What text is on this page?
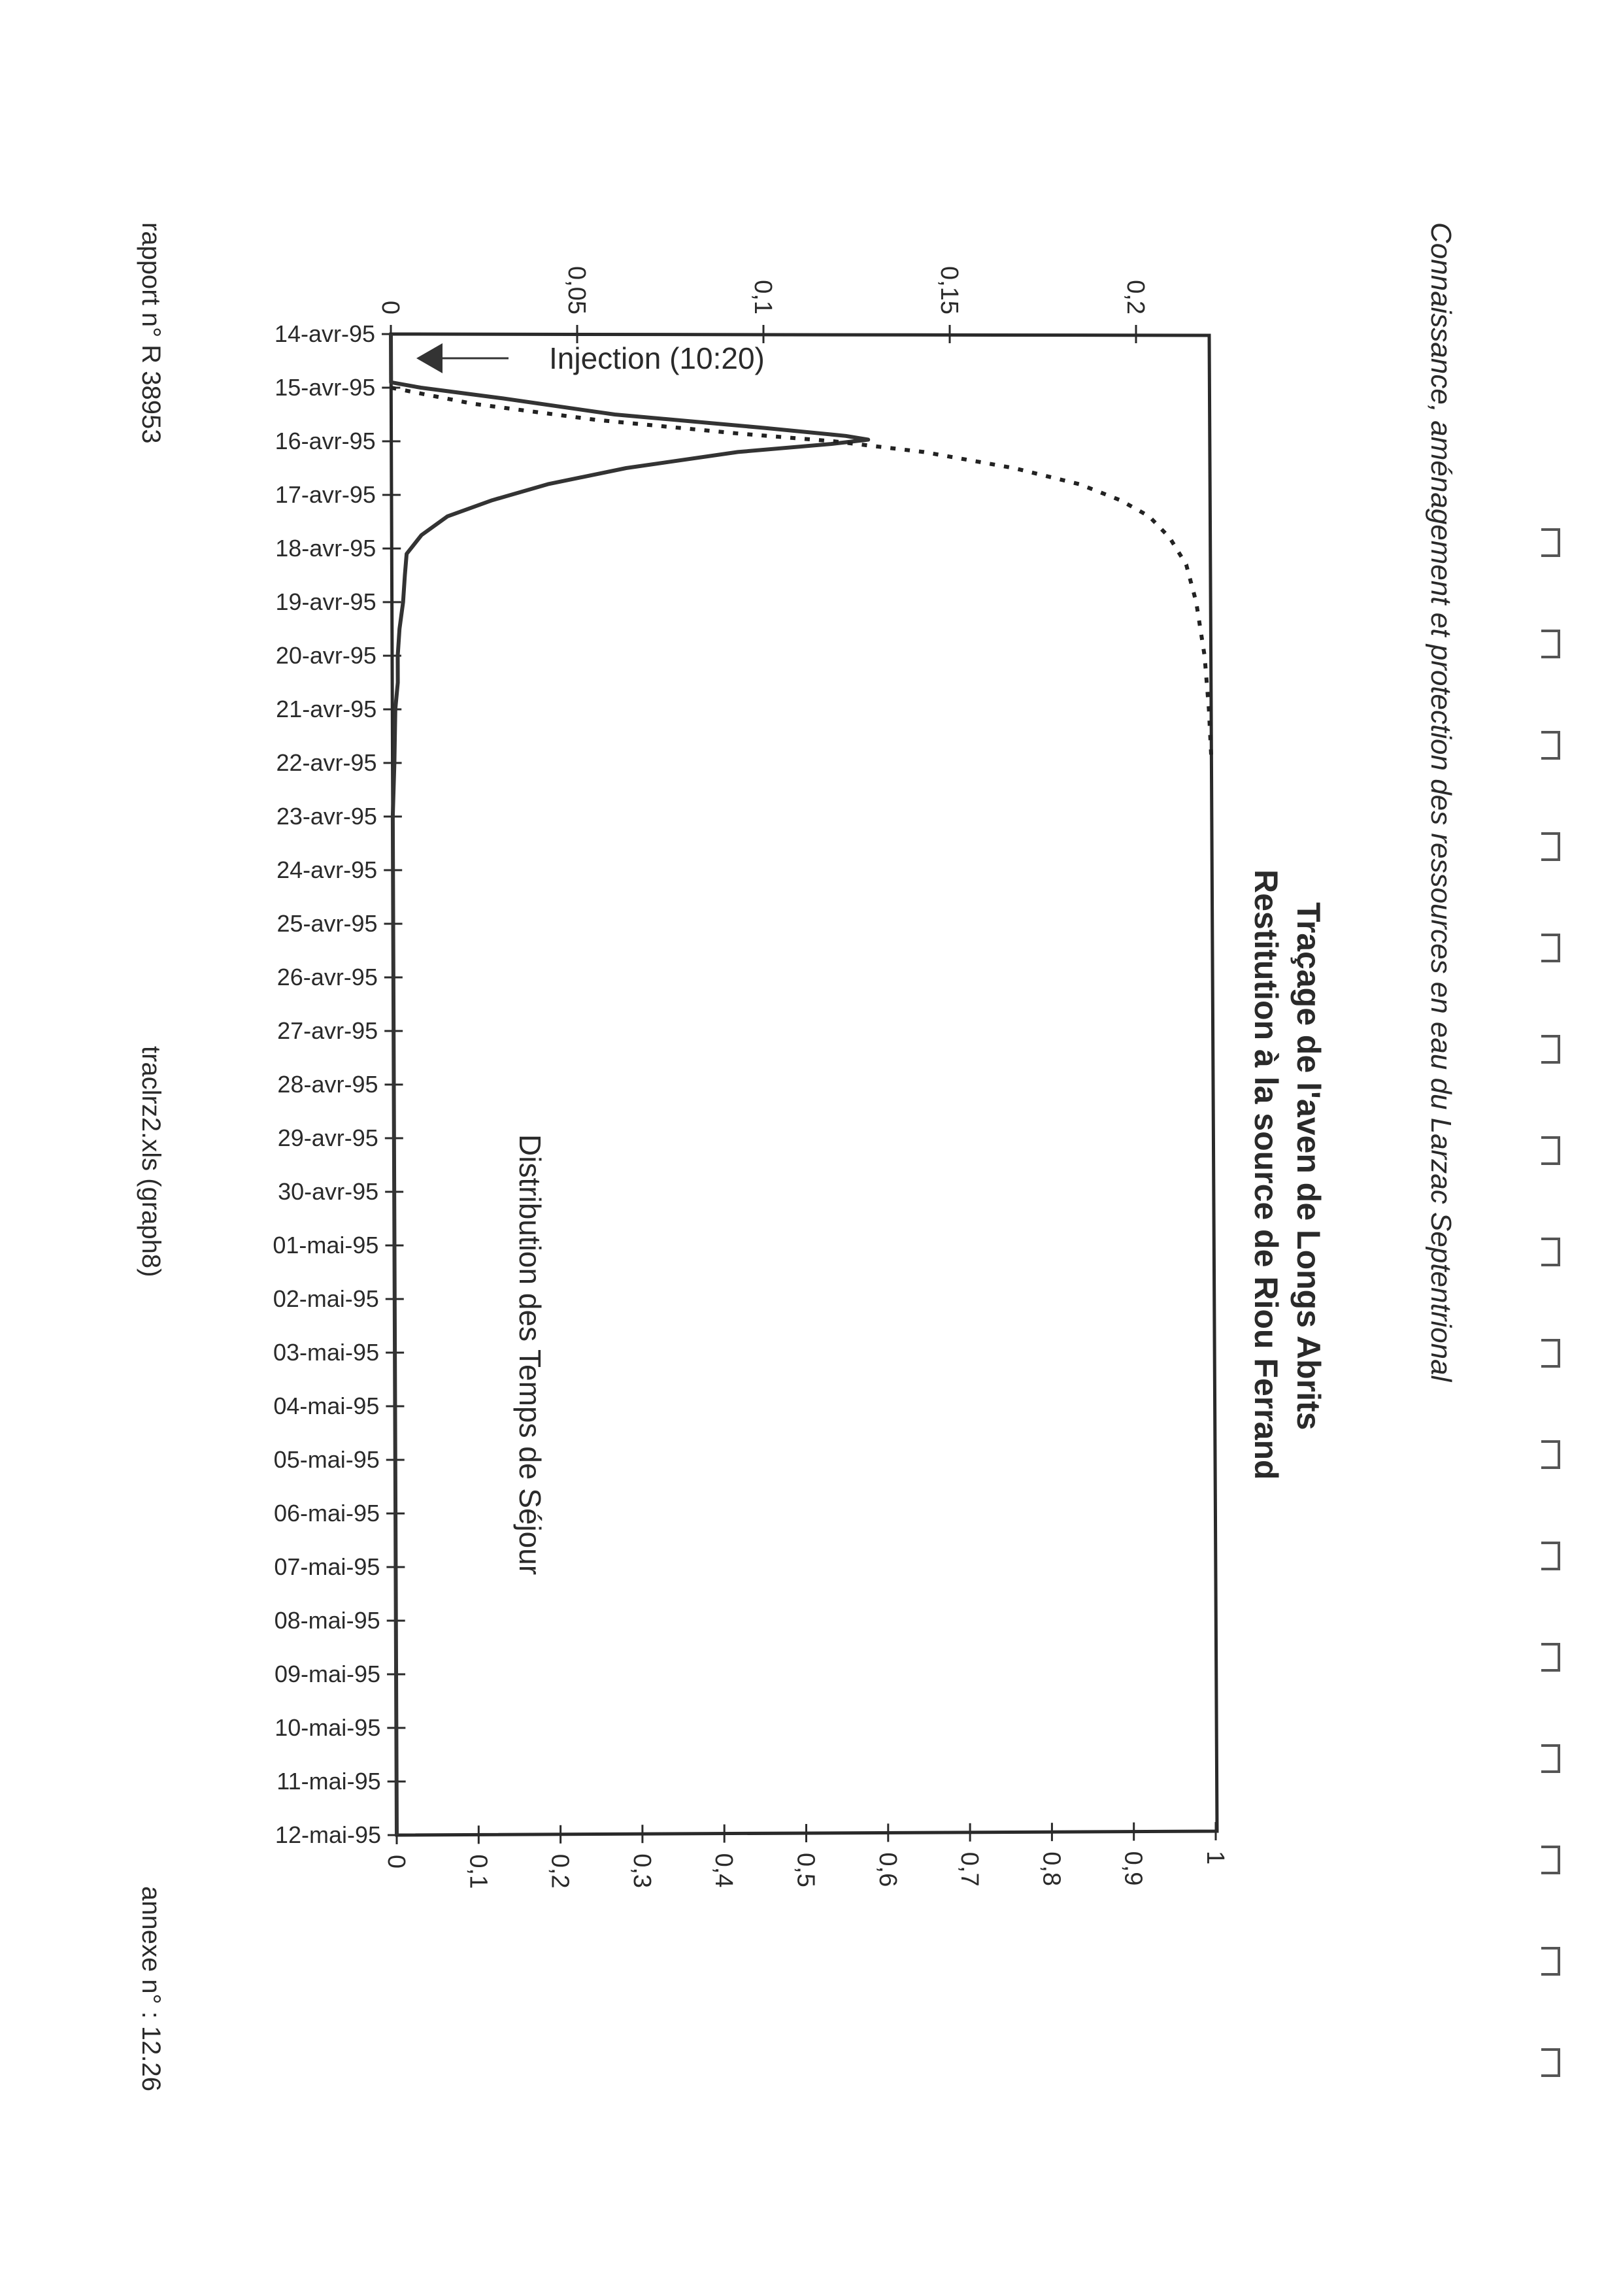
Connaissance, aménagement et protection des ressources en eau du Larzac Septentrional
Traçage de l'aven de Longs Abrits
Restitution à la source de Riou Ferrand
Distribution des Temps de Séjour
rapport n° R 38953
traclrz2.xls (graph8)
annexe n° : 12.26
14-avr-95
15-avr-95
16-avr-95
17-avr-95
18-avr-95
19-avr-95
20-avr-95
21-avr-95
22-avr-95
23-avr-95
24-avr-95
25-avr-95
26-avr-95
27-avr-95
28-avr-95
29-avr-95
30-avr-95
01-mai-95
02-mai-95
03-mai-95
04-mai-95
05-mai-95
06-mai-95
07-mai-95
08-mai-95
09-mai-95
10-mai-95
11-mai-95
12-mai-95
0	0,05	0,1	0,15	0,2
0 0,1 0,2 0,3 0,4 0,5 0,6 0,7 0,8 0,9 1
Injection (10:20)
